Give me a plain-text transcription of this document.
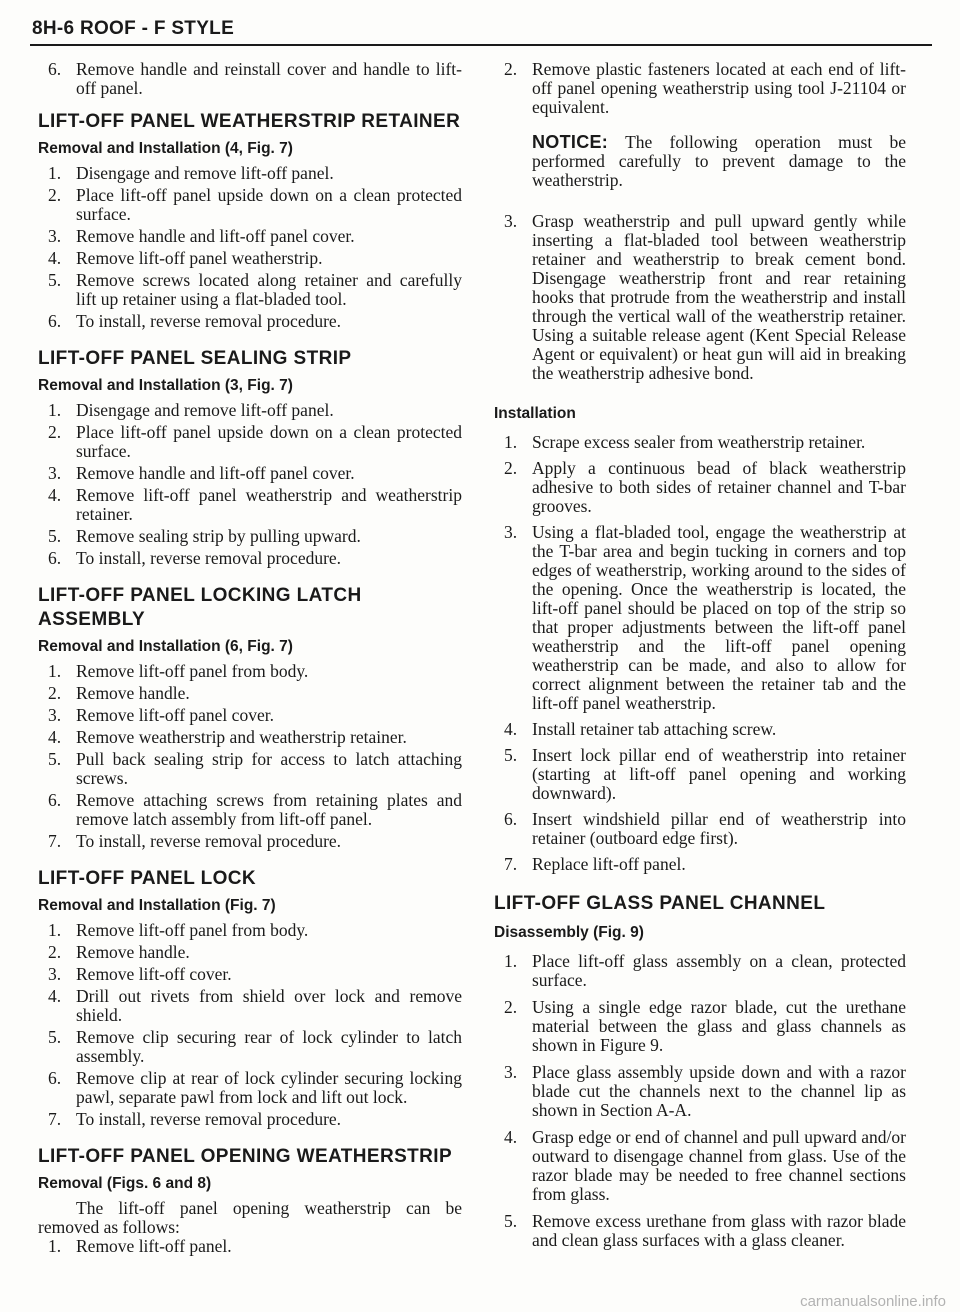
8H-6 ROOF - F STYLE
6. Remove handle and reinstall cover and handle to lift-off panel.
LIFT-OFF PANEL WEATHERSTRIP RETAINER
Removal and Installation (4, Fig. 7)
1. Disengage and remove lift-off panel.
2. Place lift-off panel upside down on a clean protected surface.
3. Remove handle and lift-off panel cover.
4. Remove lift-off panel weatherstrip.
5. Remove screws located along retainer and carefully lift up retainer using a flat-bladed tool.
6. To install, reverse removal procedure.
LIFT-OFF PANEL SEALING STRIP
Removal and Installation (3, Fig. 7)
1. Disengage and remove lift-off panel.
2. Place lift-off panel upside down on a clean protected surface.
3. Remove handle and lift-off panel cover.
4. Remove lift-off panel weatherstrip and weatherstrip retainer.
5. Remove sealing strip by pulling upward.
6. To install, reverse removal procedure.
LIFT-OFF PANEL LOCKING LATCH ASSEMBLY
Removal and Installation (6, Fig. 7)
1. Remove lift-off panel from body.
2. Remove handle.
3. Remove lift-off panel cover.
4. Remove weatherstrip and weatherstrip retainer.
5. Pull back sealing strip for access to latch attaching screws.
6. Remove attaching screws from retaining plates and remove latch assembly from lift-off panel.
7. To install, reverse removal procedure.
LIFT-OFF PANEL LOCK
Removal and Installation (Fig. 7)
1. Remove lift-off panel from body.
2. Remove handle.
3. Remove lift-off cover.
4. Drill out rivets from shield over lock and remove shield.
5. Remove clip securing rear of lock cylinder to latch assembly.
6. Remove clip at rear of lock cylinder securing locking pawl, separate pawl from lock and lift out lock.
7. To install, reverse removal procedure.
LIFT-OFF PANEL OPENING WEATHERSTRIP
Removal (Figs. 6 and 8)

The lift-off panel opening weatherstrip can be removed as follows:

1. Remove lift-off panel.
2. Remove plastic fasteners located at each end of lift-off panel opening weatherstrip using tool J-21104 or equivalent.

NOTICE: The following operation must be performed carefully to prevent damage to the weatherstrip.

3. Grasp weatherstrip and pull upward gently while inserting a flat-bladed tool between weatherstrip retainer and weatherstrip to break cement bond. Disengage weatherstrip front and rear retaining hooks that protrude from the weatherstrip and install through the vertical wall of the weatherstrip retainer. Using a suitable release agent (Kent Special Release Agent or equivalent) or heat gun will aid in breaking the weatherstrip adhesive bond.
Installation
1. Scrape excess sealer from weatherstrip retainer.
2. Apply a continuous bead of black weatherstrip adhesive to both sides of retainer channel and T-bar grooves.
3. Using a flat-bladed tool, engage the weatherstrip at the T-bar area and begin tucking in corners and top edges of weatherstrip, working around to the sides of the opening. Once the weatherstrip is located, the lift-off panel should be placed on top of the strip so that proper adjustments between the lift-off panel weatherstrip and the lift-off panel opening weatherstrip can be made, and also to allow for correct alignment between the retainer tab and the lift-off panel weatherstrip.
4. Install retainer tab attaching screw.
5. Insert lock pillar end of weatherstrip into retainer (starting at lift-off panel opening and working downward).
6. Insert windshield pillar end of weatherstrip into retainer (outboard edge first).
7. Replace lift-off panel.
LIFT-OFF GLASS PANEL CHANNEL
Disassembly (Fig. 9)
1. Place lift-off glass assembly on a clean, protected surface.
2. Using a single edge razor blade, cut the urethane material between the glass and glass channels as shown in Figure 9.
3. Place glass assembly upside down and with a razor blade cut the channels next to the channel lip as shown in Section A-A.
4. Grasp edge or end of channel and pull upward and/or outward to disengage channel from glass. Use of the razor blade may be needed to free channel sections from glass.
5. Remove excess urethane from glass with razor blade and clean glass surfaces with a glass cleaner.
carmanualsonline.info
